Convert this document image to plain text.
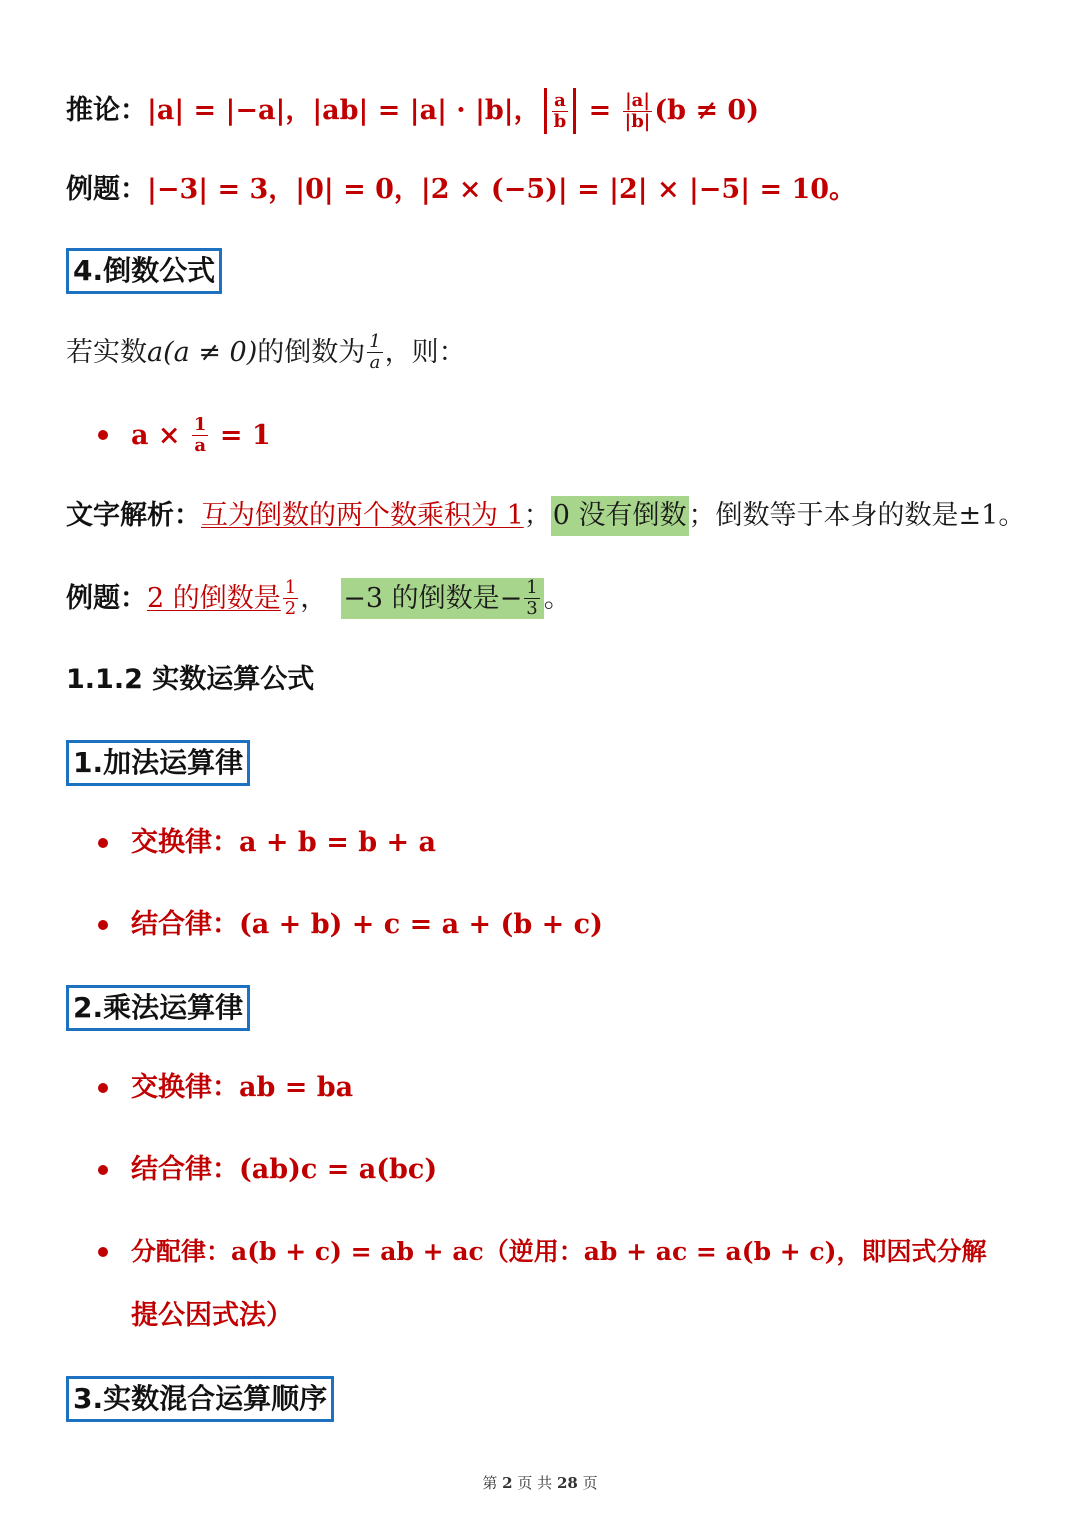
推论： |a| = |−a|，|ab| = |a| · |b|， $\frac{a}{b} = \frac{|a|}{|b|} (b \ne 0)$
例题： |−3| = 3，|0| = 0，|2 × (−5)| = |2| × |−5| = 10。
4.倒数公式
若实数 a(a ≠ 0) 的倒数为 $\frac{1}{a}$ ，则：
$a \times \frac{1}{a} = 1$
文字解析： 互为倒数的两个数乘积为 1 ； 0 没有倒数 ； 倒数等于本身的数是±1。
例题： 2 的倒数是 $\frac{1}{2}$ ， −3 的倒数是− $\frac{1}{3}$ 。
1.1.2 实数运算公式
1.加法运算律
交换律： a + b = b + a
结合律： (a + b) + c = a + (b + c)
2.乘法运算律
交换律： ab = ba
结合律： (ab)c = a(bc)
分配律： a(b + c) = ab + ac（逆用：ab + ac = a(b + c)，即因式分解
提公因式法）
3.实数混合运算顺序
第 2 页 共 28 页
